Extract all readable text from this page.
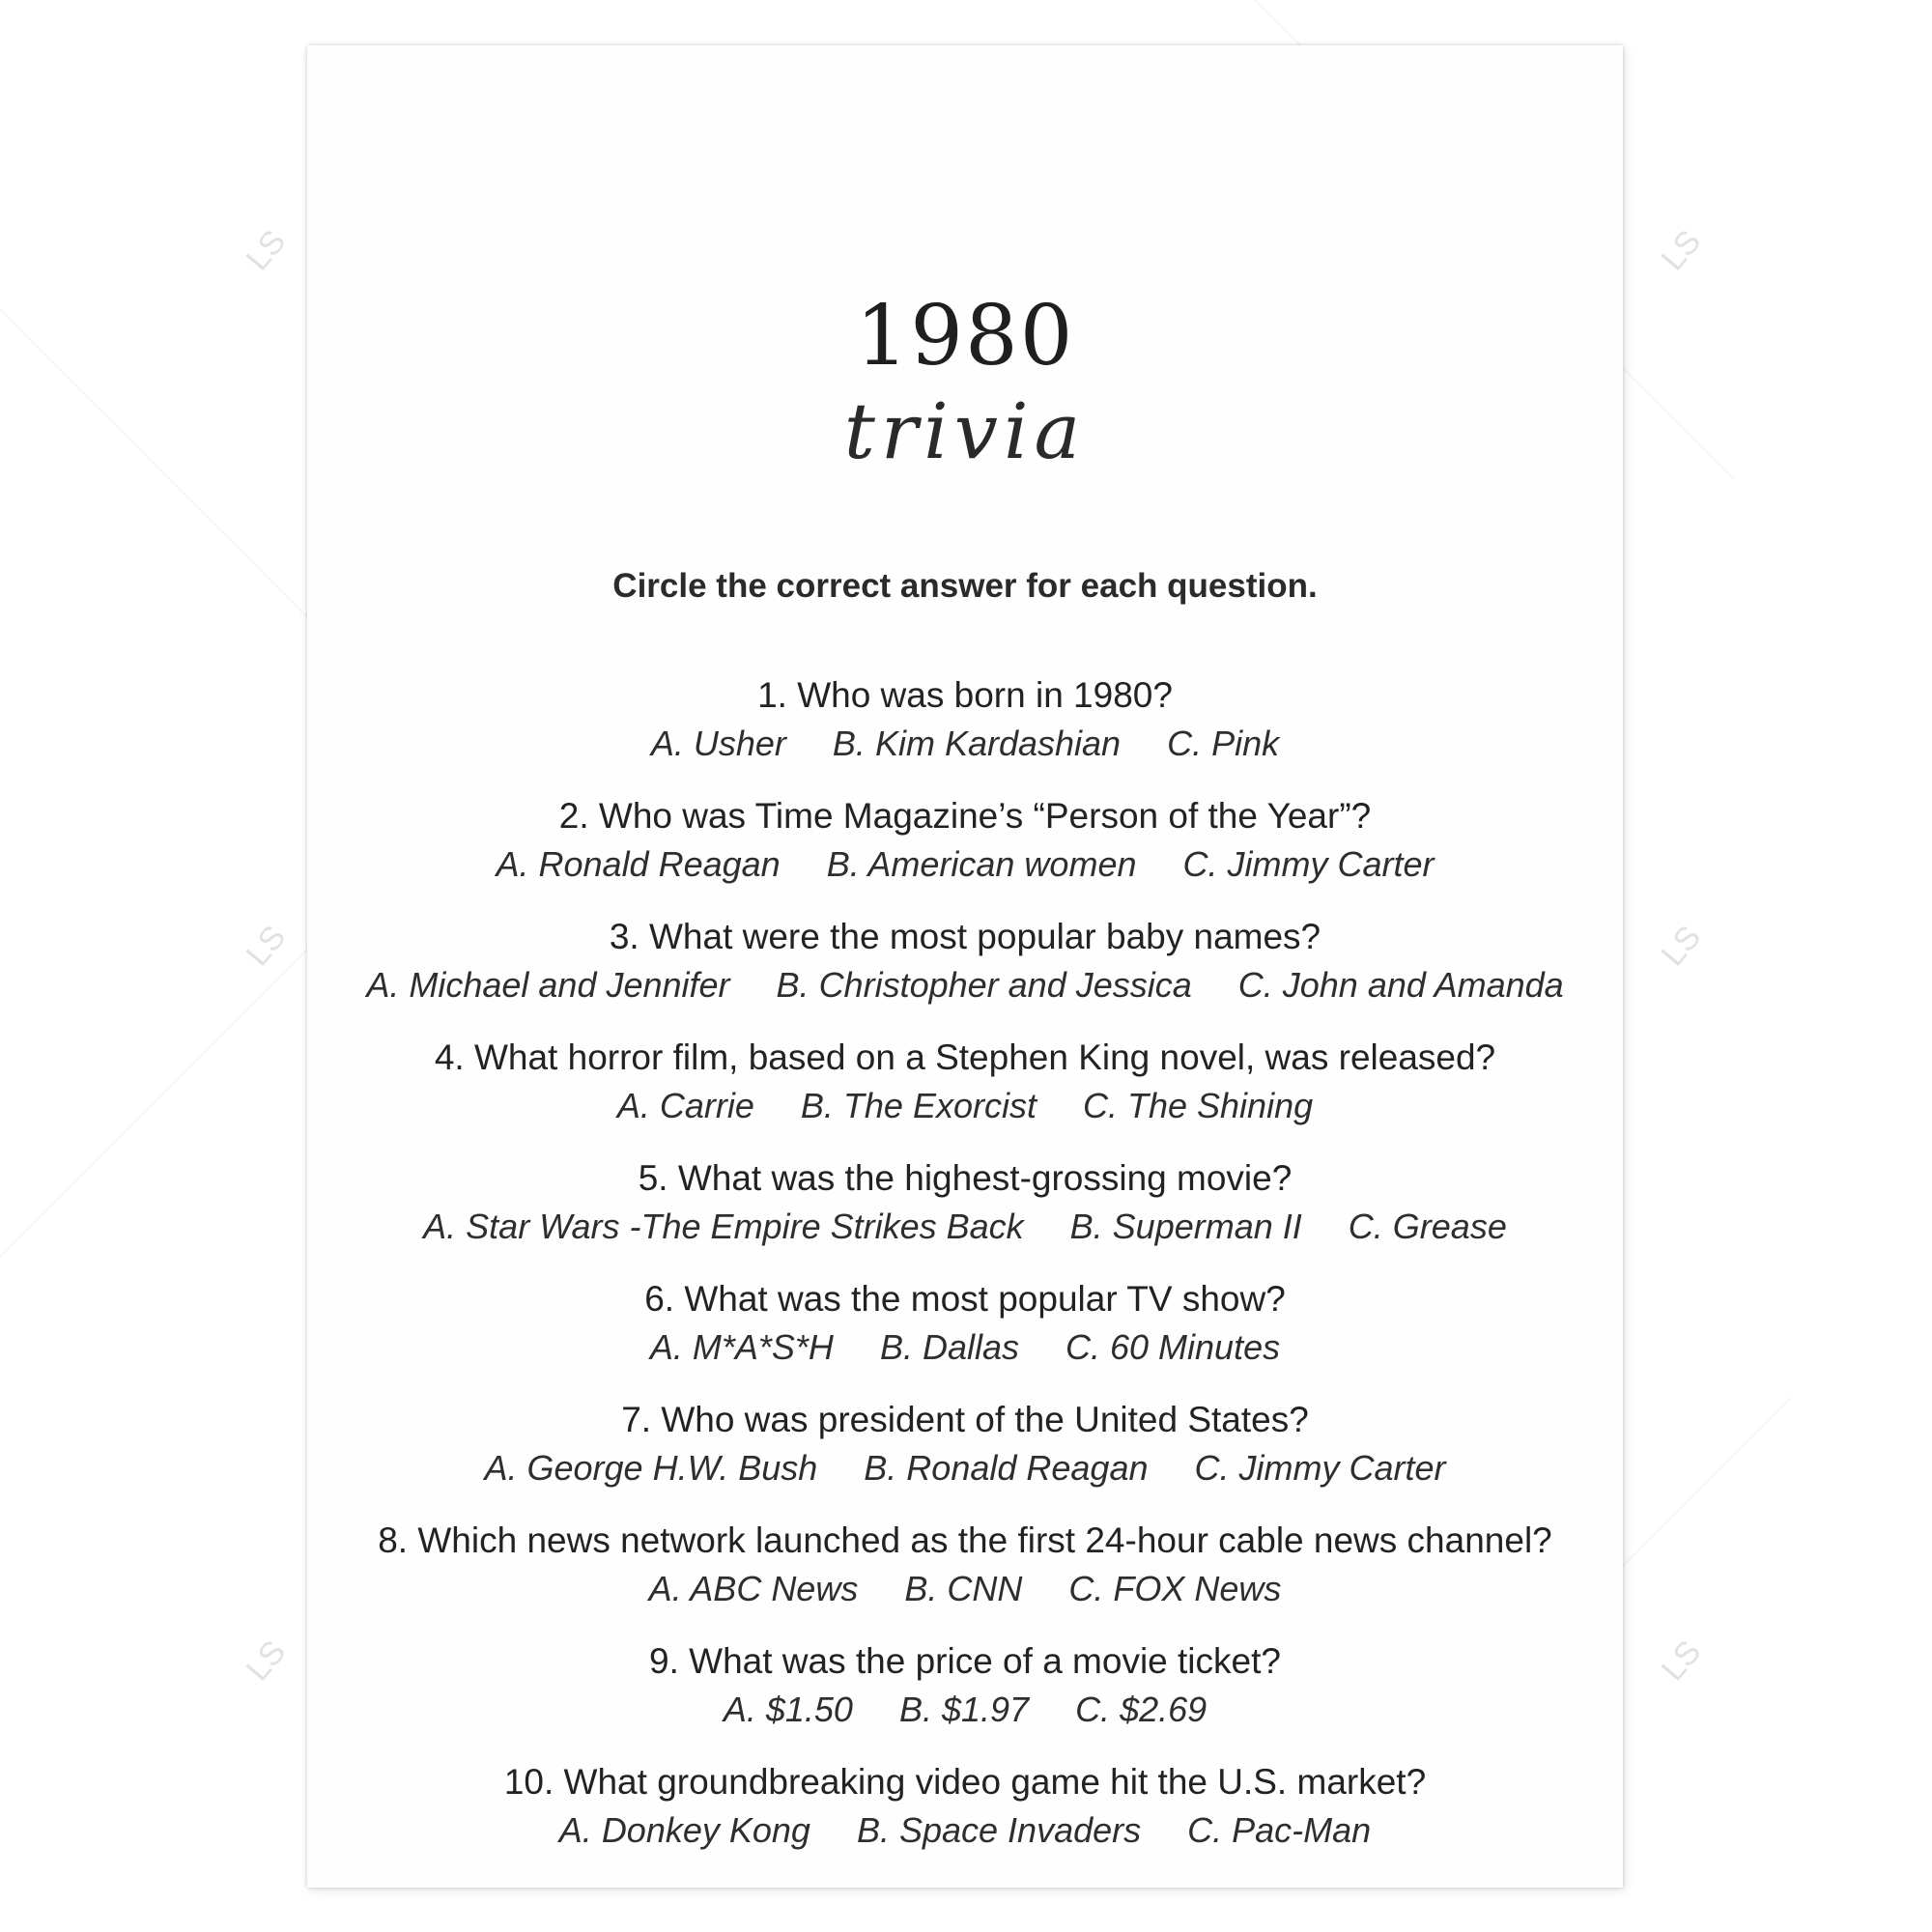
LS	LS
LS	LS
LS	LS
1980
trivia
Circle the correct answer for each question.
1. Who was born in 1980?
A. Usher B. Kim Kardashian C. Pink
2. Who was Time Magazine’s “Person of the Year”?
A. Ronald Reagan B. American women C. Jimmy Carter
3. What were the most popular baby names?
A. Michael and Jennifer B. Christopher and Jessica C. John and Amanda
4. What horror film, based on a Stephen King novel, was released?
A. Carrie B. The Exorcist C. The Shining
5. What was the highest-grossing movie?
A. Star Wars -The Empire Strikes Back B. Superman II C. Grease
6. What was the most popular TV show?
A. M*A*S*H B. Dallas C. 60 Minutes
7. Who was president of the United States?
A. George H.W. Bush B. Ronald Reagan C. Jimmy Carter
8. Which news network launched as the first 24-hour cable news channel?
A. ABC News B. CNN C. FOX News
9. What was the price of a movie ticket?
A. $1.50 B. $1.97 C. $2.69
10. What groundbreaking video game hit the U.S. market?
A. Donkey Kong B. Space Invaders C. Pac-Man
